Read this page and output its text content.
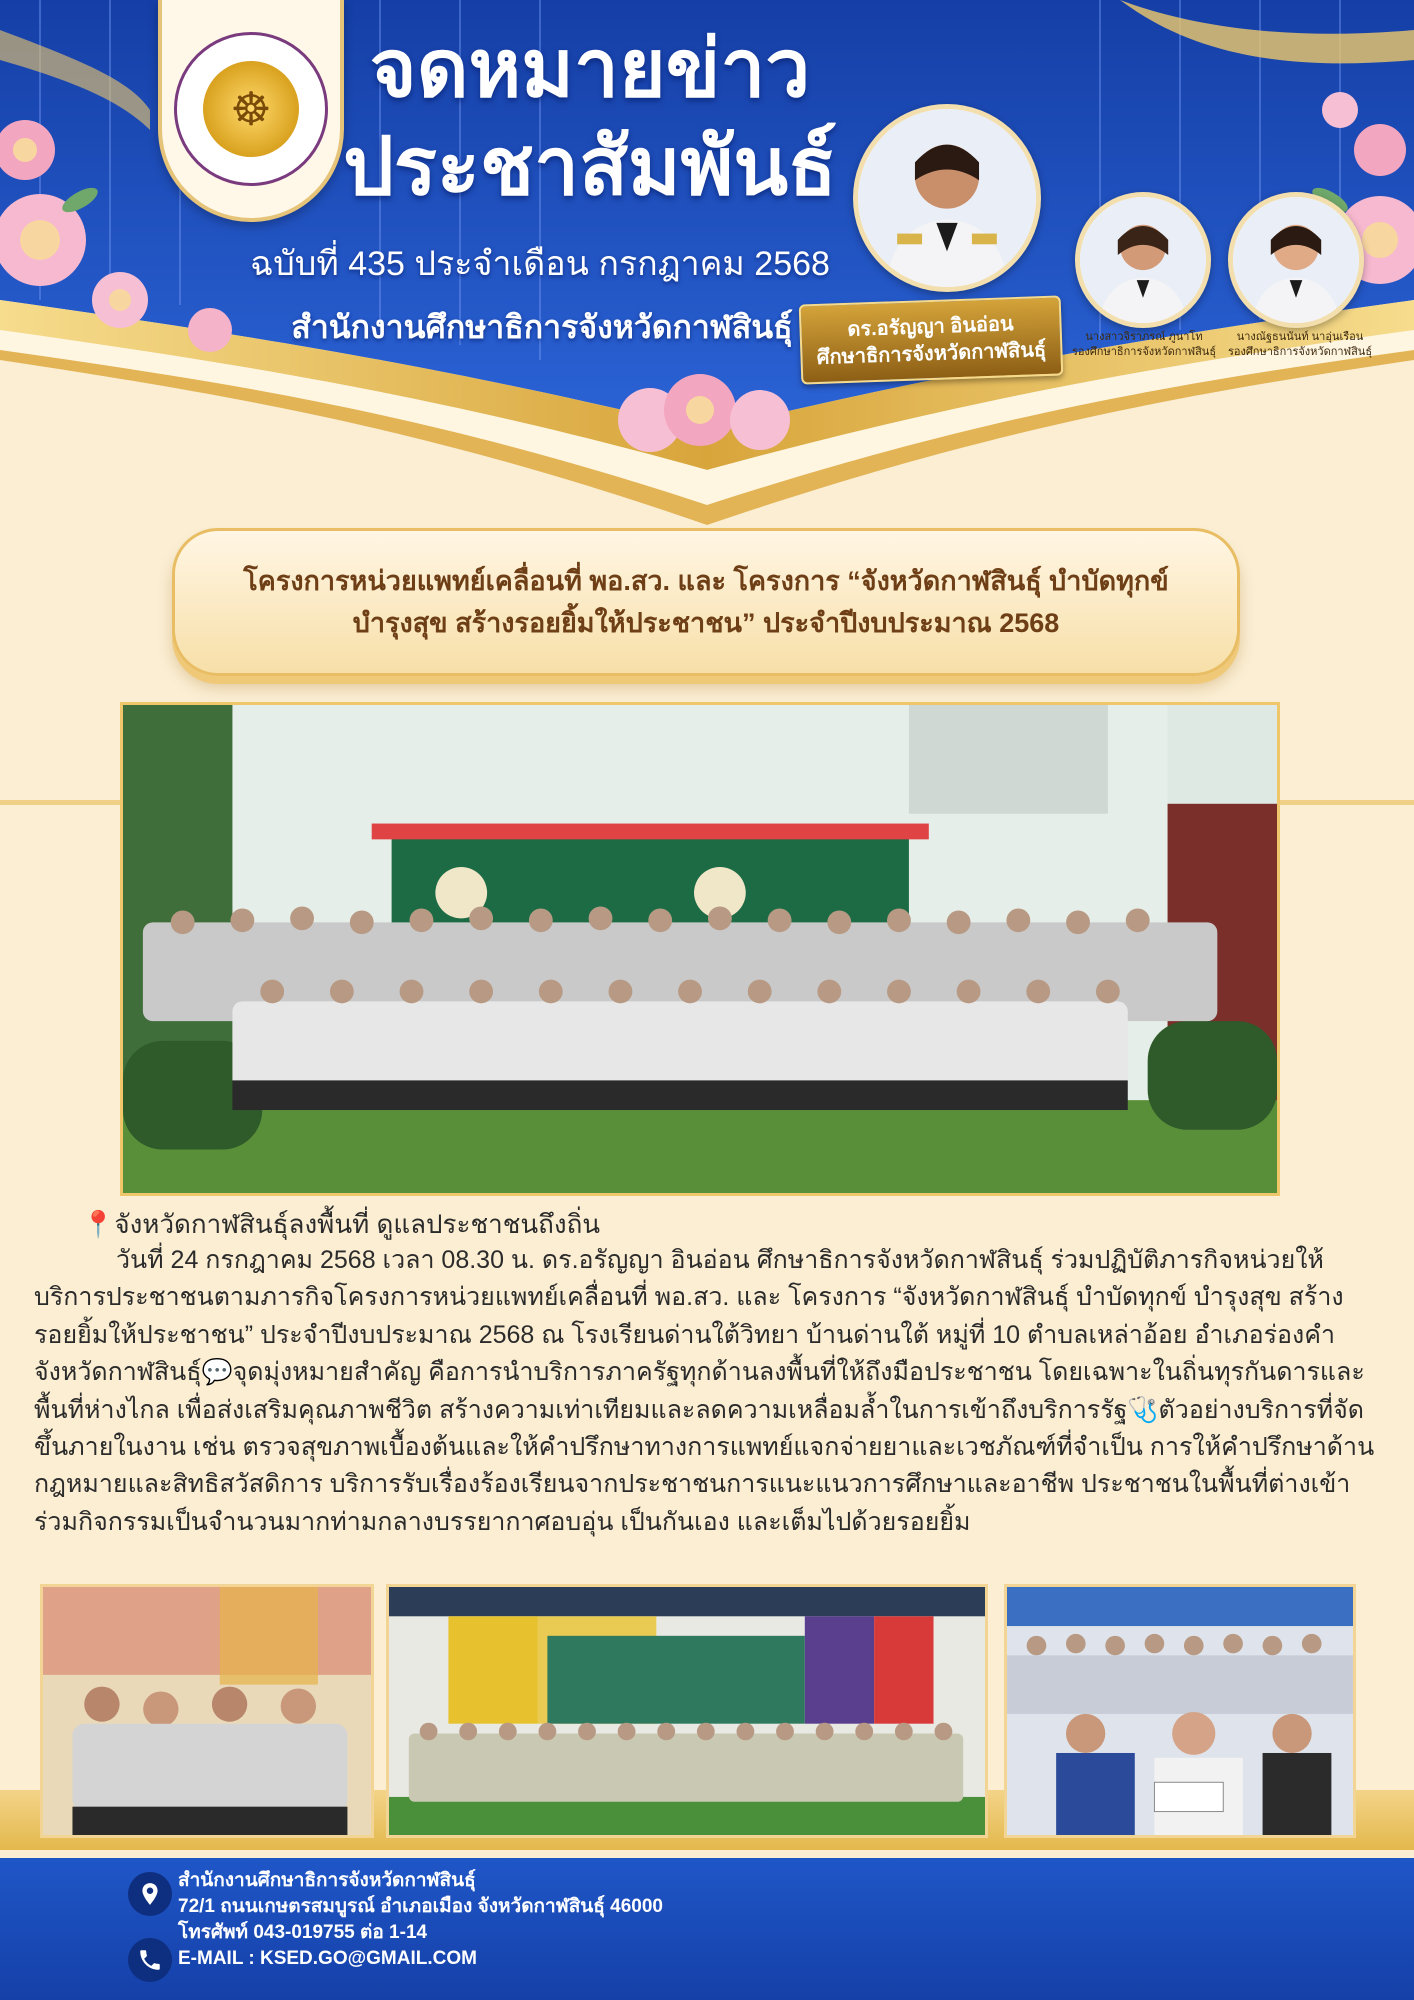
☸	จดหมายข่าว
ประชาสัมพันธ์
ฉบับที่ 435 ประจำเดือน กรกฎาคม 2568
สำนักงานศึกษาธิการจังหวัดกาฬสินธุ์	ดร.อรัญญา อินอ่อน
ศึกษาธิการจังหวัดกาฬสินธุ์
นางสาวจิราภรณ์ ภูนาโท
รองศึกษาธิการจังหวัดกาฬสินธุ์
นางณัฐธนนันท์ นาอุ่นเรือน
รองศึกษาธิการจังหวัดกาฬสินธุ์
โครงการหน่วยแพทย์เคลื่อนที่ พอ.สว. และ โครงการ “จังหวัดกาฬสินธุ์ บำบัดทุกข์
บำรุงสุข สร้างรอยยิ้มให้ประชาชน” ประจำปีงบประมาณ 2568
📍จังหวัดกาฬสินธุ์ลงพื้นที่ ดูแลประชาชนถึงถิ่น
วันที่ 24 กรกฎาคม 2568 เวลา 08.30 น. ดร.อรัญญา อินอ่อน ศึกษาธิการจังหวัดกาฬสินธุ์ ร่วมปฏิบัติภารกิจหน่วยให้บริการประชาชนตามภารกิจโครงการหน่วยแพทย์เคลื่อนที่ พอ.สว. และ โครงการ “จังหวัดกาฬสินธุ์ บำบัดทุกข์ บำรุงสุข สร้างรอยยิ้มให้ประชาชน” ประจำปีงบประมาณ 2568 ณ โรงเรียนด่านใต้วิทยา บ้านด่านใต้ หมู่ที่ 10 ตำบลเหล่าอ้อย อำเภอร่องคำ จังหวัดกาฬสินธุ์💬จุดมุ่งหมายสำคัญ คือการนำบริการภาครัฐทุกด้านลงพื้นที่ให้ถึงมือประชาชน โดยเฉพาะในถิ่นทุรกันดารและพื้นที่ห่างไกล เพื่อส่งเสริมคุณภาพชีวิต สร้างความเท่าเทียมและลดความเหลื่อมล้ำในการเข้าถึงบริการรัฐ🩺ตัวอย่างบริการที่จัดขึ้นภายในงาน เช่น ตรวจสุขภาพเบื้องต้นและให้คำปรึกษาทางการแพทย์แจกจ่ายยาและเวชภัณฑ์ที่จำเป็น การให้คำปรึกษาด้านกฎหมายและสิทธิสวัสดิการ บริการรับเรื่องร้องเรียนจากประชาชนการแนะแนวการศึกษาและอาชีพ ประชาชนในพื้นที่ต่างเข้าร่วมกิจกรรมเป็นจำนวนมากท่ามกลางบรรยากาศอบอุ่น เป็นกันเอง และเต็มไปด้วยรอยยิ้ม
สำนักงานศึกษาธิการจังหวัดกาฬสินธุ์
72/1 ถนนเกษตรสมบูรณ์ อำเภอเมือง จังหวัดกาฬสินธุ์ 46000
โทรศัพท์ 043-019755 ต่อ 1-14
E-MAIL : KSED.GO@GMAIL.COM
